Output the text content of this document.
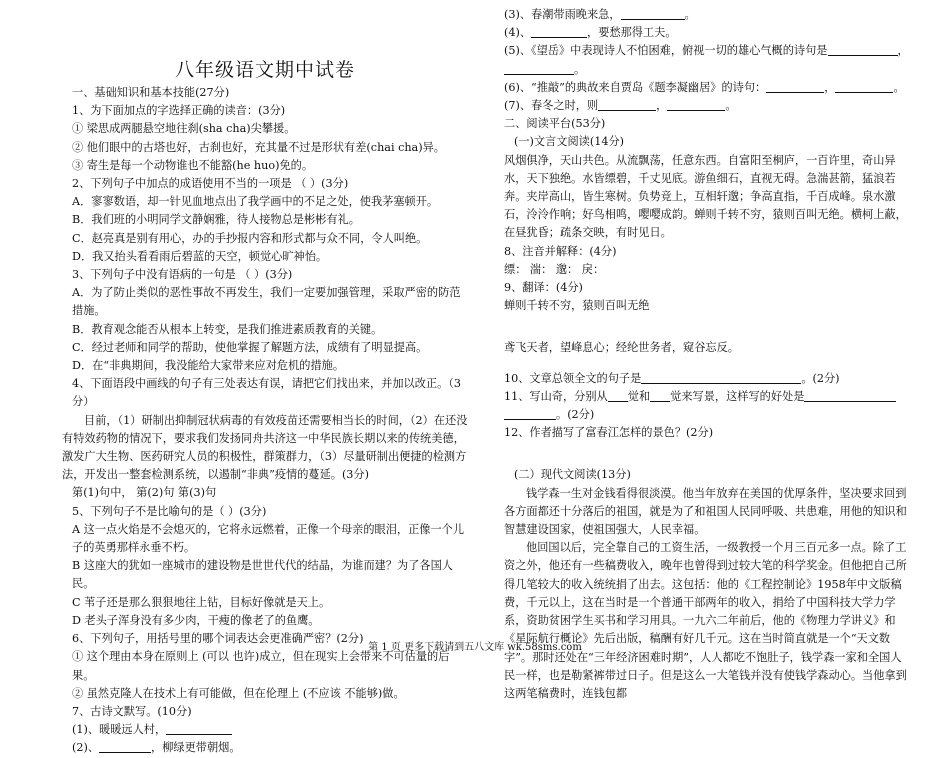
八年级语文期中试卷
一、基础知识和基本技能(27分)
1、为下面加点的字选择正确的读音：(3分)
① 梁思成两腿悬空地往刹(sha cha)尖攀援。
② 他们眼中的古塔也好，古刹也好，充其量不过是形状有差(chai cha)异。
③ 寄生是每一个动物谁也不能豁(he huo)免的。
2、下列句子中加点的成语使用不当的一项是 （ ）(3分)
A．寥寥数语，却一针见血地点出了我学画中的不足之处，使我茅塞顿开。
B．我们班的小明同学文静娴雅，待人接物总是彬彬有礼。
C．赵亮真是别有用心，办的手抄报内容和形式都与众不同，令人叫绝。
D．我又抬头看看雨后碧蓝的天空，顿觉心旷神怡。
3、下列句子中没有语病的一句是 （ ）(3分)
A．为了防止类似的恶性事故不再发生，我们一定要加强管理，采取严密的防范措施。
B．教育观念能否从根本上转变，是我们推进素质教育的关键。
C．经过老师和同学的帮助，使他掌握了解题方法，成绩有了明显提高。
D．在“非典期间，我没能给大家带来应对危机的措施。
4、下面语段中画线的句子有三处表达有误，请把它们找出来，并加以改正。（3分）
目前，（1）研制出抑制冠状病毒的有效疫苗还需要相当长的时间，（2）在还没有特效药物的情况下，要求我们发扬同舟共济这一中华民族长期以来的传统美德，激发广大生物、医药研究人员的积极性，群策群力，（3）尽量研制出便捷的检测方法，开发出一整套检测系统，以遏制“非典”疫情的蔓延。(3分)
第(1)句中， 第(2)句 第(3)句
5、下列句子不是比喻句的是（ ）(3分)
A 这一点火焰是不会熄灭的，它将永远燃着，正像一个母亲的眼泪，正像一个儿子的英勇那样永垂不朽。
B 这座大的犹如一座城市的建设物是世世代代的结晶，为谁而建？为了各国人民。
C 苇子还是那么狠狠地往上钻，目标好像就是天上。
D 老头子浑身没有多少肉，干瘦的像老了的鱼鹰。
6、下列句子，用括号里的哪个词表达会更准确严密？(2分)
① 这个理由本身在原则上 (可以 也许)成立，但在现实上会带来不可估量的后果。
② 虽然克隆人在技术上有可能做，但在伦理上 (不应该 不能够)做。
7、古诗文默写。(10分)
(1)、暖暖远人村，
(2)、	，柳绿更带朝烟。
(3)、春潮带雨晚来急，	。
(4)、	，要愁那得工夫。
(5)、《望岳》中表现诗人不怕困难，俯视一切的雄心气概的诗句是	，
。
(6)、“推敲”的典故来自贾岛《题李凝幽居》的诗句：	，	。
(7)、春冬之时，则	，	。
二、阅读平台(53分)
(一)文言文阅读(14分)
风烟俱净，天山共色。从流飘荡，任意东西。自富阳至桐庐，一百许里，奇山异水，天下独绝。水皆缥碧，千丈见底。游鱼细石，直视无碍。急湍甚箭，猛浪若奔。夹岸高山，皆生寒树。负势竞上，互相轩邈；争高直指，千百成峰。泉水激石，泠泠作响；好鸟相鸣，嘤嘤成韵。蝉则千转不穷，猿则百叫无绝。横柯上蔽，在昼犹昏；疏条交映，有时见日。
8、注音并解释：(4分)
缥： 湍： 邈： 戾：
9、翻译：(4分)
蝉则千转不穷，猿则百叫无绝
鸢飞天者，望峰息心；经纶世务者，窥谷忘反。
10、文章总领全文的句子是	。(2分)
11、写山奇，分别从 觉和 觉来写景，这样写的好处是
。(2分)
12、作者描写了富春江怎样的景色？(2分)
(二）现代文阅读(13分)
钱学森一生对金钱看得很淡漠。他当年放弃在美国的优厚条件，坚决要求回到各方面都还十分落后的祖国，就是为了和祖国人民同呼吸、共患难，用他的知识和智慧建设国家，使祖国强大，人民幸福。
他回国以后，完全靠自己的工资生活，一级教授一个月三百元多一点。除了工资之外，他还有一些稿费收入，晚年也曾得到过较大笔的科学奖金。但他把自己所得几笔较大的收入统统捐了出去。这包括：他的《工程控制论》1958年中文版稿费，千元以上，这在当时是一个普通干部两年的收入，捐给了中国科技大学力学系，资助贫困学生买书和学习用具。一九六二年前后，他的《物理力学讲义》和《星际航行概论》先后出版，稿酬有好几千元。这在当时简直就是一个“天文数字”。那时还处在“三年经济困难时期”，人人都吃不饱肚子，钱学森一家和全国人民一样，也是勒紧裤带过日子。但是这么一大笔钱并没有使钱学森动心。当他拿到这两笔稿费时，连钱包都
第 1 页 更多下载请到五八文库 wk.58sms.com
